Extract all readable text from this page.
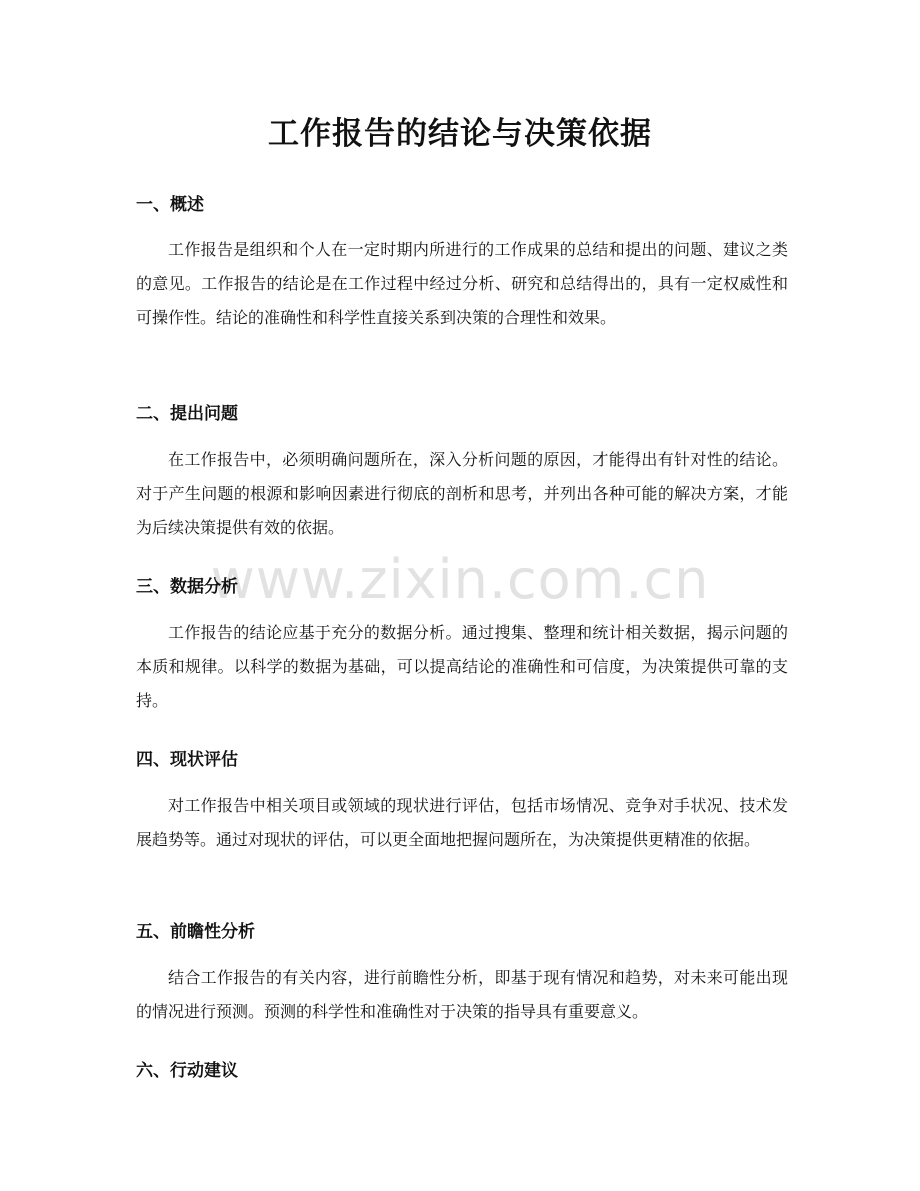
工作报告的结论与决策依据
www.zixin.com.cn
一、概述

工作报告是组织和个人在一定时期内所进行的工作成果的总结和提出的问题、建议之类的意见。工作报告的结论是在工作过程中经过分析、研究和总结得出的，具有一定权威性和可操作性。结论的准确性和科学性直接关系到决策的合理性和效果。

二、提出问题

在工作报告中，必须明确问题所在，深入分析问题的原因，才能得出有针对性的结论。对于产生问题的根源和影响因素进行彻底的剖析和思考，并列出各种可能的解决方案，才能为后续决策提供有效的依据。

三、数据分析

工作报告的结论应基于充分的数据分析。通过搜集、整理和统计相关数据，揭示问题的本质和规律。以科学的数据为基础，可以提高结论的准确性和可信度，为决策提供可靠的支持。

四、现状评估

对工作报告中相关项目或领域的现状进行评估，包括市场情况、竞争对手状况、技术发展趋势等。通过对现状的评估，可以更全面地把握问题所在，为决策提供更精准的依据。

五、前瞻性分析

结合工作报告的有关内容，进行前瞻性分析，即基于现有情况和趋势，对未来可能出现的情况进行预测。预测的科学性和准确性对于决策的指导具有重要意义。

六、行动建议
